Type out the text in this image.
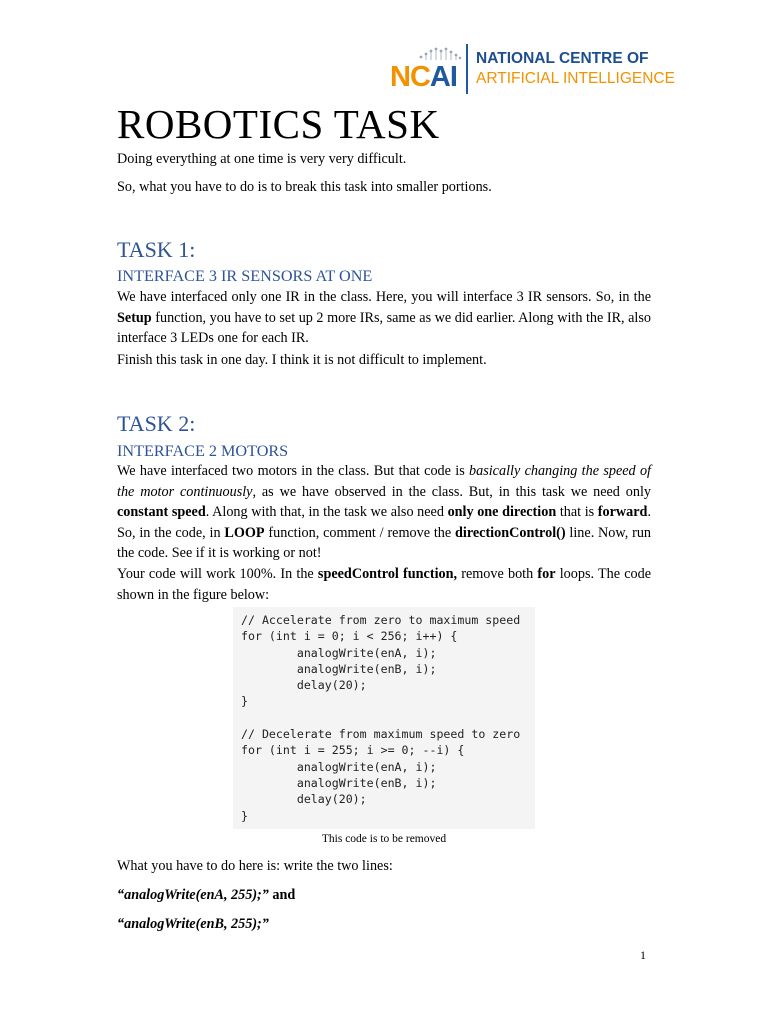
NCAI
NATIONAL CENTRE OF
ARTIFICIAL INTELLIGENCE
ROBOTICS TASK
Doing everything at one time is very very difficult.
So, what you have to do is to break this task into smaller portions.
TASK 1:
INTERFACE 3 IR SENSORS AT ONE
We have interfaced only one IR in the class. Here, you will interface 3 IR sensors. So, in the Setup function, you have to set up 2 more IRs, same as we did earlier. Along with the IR, also interface 3 LEDs one for each IR.
Finish this task in one day. I think it is not difficult to implement.
TASK 2:
INTERFACE 2 MOTORS
We have interfaced two motors in the class. But that code is basically changing the speed of the motor continuously, as we have observed in the class. But, in this task we need only constant speed. Along with that, in the task we also need only one direction that is forward. So, in the code, in LOOP function, comment / remove the directionControl() line. Now, run the code. See if it is working or not!
Your code will work 100%. In the speedControl function, remove both for loops. The code shown in the figure below:
// Accelerate from zero to maximum speed
for (int i = 0; i < 256; i++) {
analogWrite(enA, i);
analogWrite(enB, i);
delay(20);
}

// Decelerate from maximum speed to zero
for (int i = 255; i >= 0; --i) {
analogWrite(enA, i);
analogWrite(enB, i);
delay(20);
}
This code is to be removed
What you have to do here is: write the two lines:
“analogWrite(enA, 255);” and
“analogWrite(enB, 255);”
1
